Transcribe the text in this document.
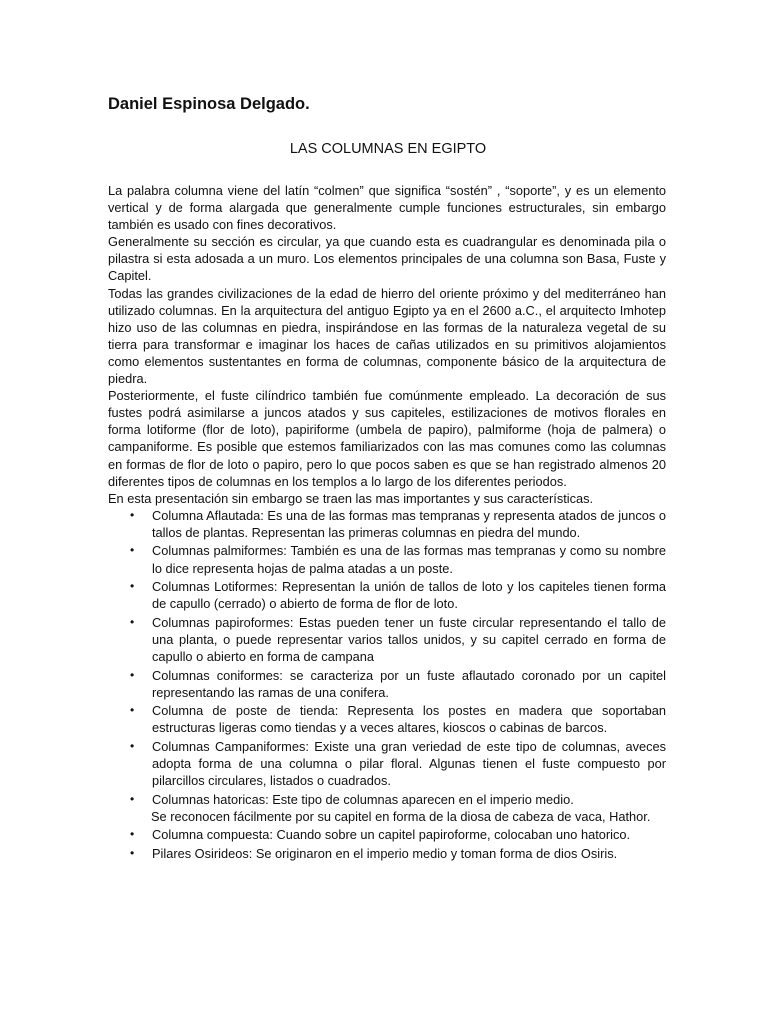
Daniel Espinosa Delgado.
LAS COLUMNAS EN EGIPTO

La palabra columna viene del latín “colmen” que significa “sostén” , “soporte”, y es un elemento vertical y de forma alargada que generalmente cumple funciones estructurales, sin embargo también es usado con fines decorativos.

Generalmente su sección es circular, ya que cuando esta es cuadrangular es denominada pila o pilastra si esta adosada a un muro. Los elementos principales de una columna son Basa, Fuste y Capitel.

Todas las grandes civilizaciones de la edad de hierro del oriente próximo y del mediterráneo han utilizado columnas. En la arquitectura del antiguo Egipto ya en el 2600 a.C., el arquitecto Imhotep hizo uso de las columnas en piedra, inspirándose en las formas de la naturaleza vegetal de su tierra para transformar e imaginar los haces de cañas utilizados en su primitivos alojamientos como elementos sustentantes en forma de columnas, componente básico de la arquitectura de piedra.

Posteriormente, el fuste cilíndrico también fue comúnmente empleado. La decoración de sus fustes podrá asimilarse a juncos atados y sus capiteles, estilizaciones de motivos florales en forma lotiforme (flor de loto), papiriforme (umbela de papiro), palmiforme (hoja de palmera) o campaniforme. Es posible que estemos familiarizados con las mas comunes como las columnas en formas de flor de loto o papiro, pero lo que pocos saben es que se han registrado almenos 20 diferentes tipos de columnas en los templos a lo largo de los diferentes periodos.

En esta presentación sin embargo se traen las mas importantes y sus características.

• Columna Aflautada: Es una de las formas mas tempranas y representa atados de juncos o tallos de plantas. Representan las primeras columnas en piedra del mundo.
• Columnas palmiformes: También es una de las formas mas tempranas y como su nombre lo dice representa hojas de palma atadas a un poste.
• Columnas Lotiformes: Representan la unión de tallos de loto y los capiteles tienen forma de capullo (cerrado) o abierto de forma de flor de loto.
• Columnas papiroformes: Estas pueden tener un fuste circular representando el tallo de una planta, o puede representar varios tallos unidos, y su capitel cerrado en forma de capullo o abierto en forma de campana
• Columnas coniformes: se caracteriza por un fuste aflautado coronado por un capitel representando las ramas de una conifera.
• Columna de poste de tienda: Representa los postes en madera que soportaban estructuras ligeras como tiendas y a veces altares, kioscos o cabinas de barcos.
• Columnas Campaniformes: Existe una gran veriedad de este tipo de columnas, aveces adopta forma de una columna o pilar floral. Algunas tienen el fuste compuesto por pilarcillos circulares, listados o cuadrados.
• Columnas hatoricas: Este tipo de columnas aparecen en el imperio medio.
Se reconocen fácilmente por su capitel en forma de la diosa de cabeza de vaca, Hathor.
• Columna compuesta: Cuando sobre un capitel papiroforme, colocaban uno hatorico.
• Pilares Osirideos: Se originaron en el imperio medio y toman forma de dios Osiris.
